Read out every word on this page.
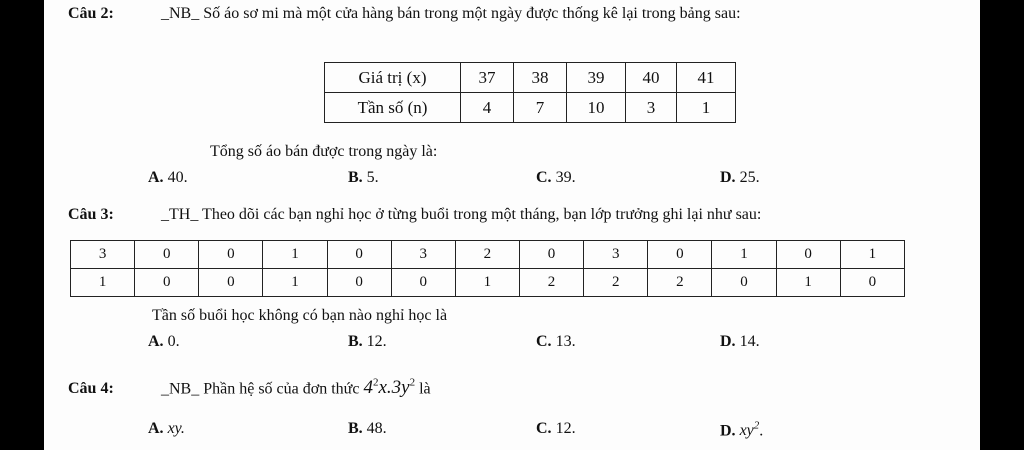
Câu 2:	_NB_ Số áo sơ mi mà một cửa hàng bán trong một ngày được thống kê lại trong bảng sau:
Giá trị (x)	37	38	39	40	41
Tần số (n)	4	7	10	3	1
Tổng số áo bán được trong ngày là:
A. 40.	B. 5.	C. 39.	D. 25.
Câu 3:	_TH_ Theo dõi các bạn nghỉ học ở từng buổi trong một tháng, bạn lớp trưởng ghi lại như sau:
3	0	0	1	0	3	2	0	3	0	1	0	1
1	0	0	1	0	0	1	2	2	2	0	1	0
Tần số buổi học không có bạn nào nghỉ học là
A. 0.	B. 12.	C. 13.	D. 14.
Câu 4:	_NB_ Phần hệ số của đơn thức $4^2x.3y^2$ là
A. xy.	B. 48.	C. 12.	D. $xy^2$.
